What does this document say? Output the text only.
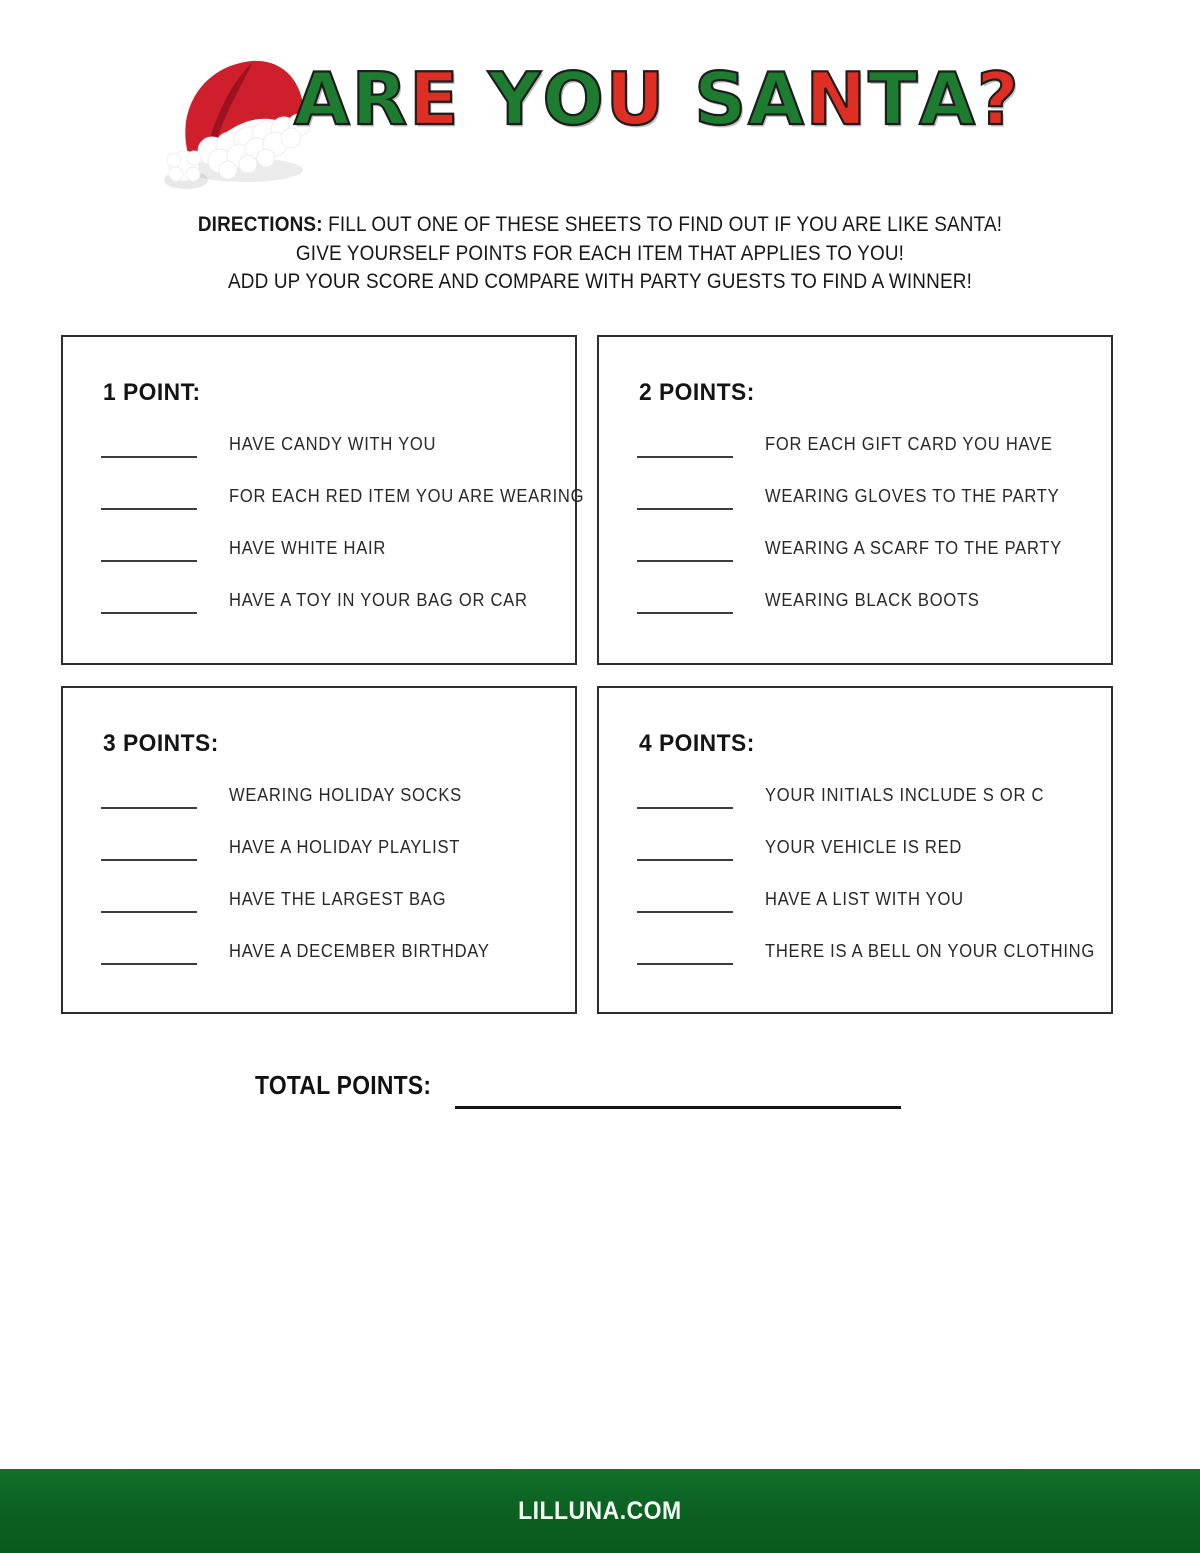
A R E Y O U S A N T A ?
DIRECTIONS: FILL OUT ONE OF THESE SHEETS TO FIND OUT IF YOU ARE LIKE SANTA!
GIVE YOURSELF POINTS FOR EACH ITEM THAT APPLIES TO YOU!
ADD UP YOUR SCORE AND COMPARE WITH PARTY GUESTS TO FIND A WINNER!
1 POINT:
HAVE CANDY WITH YOU
FOR EACH RED ITEM YOU ARE WEARING
HAVE WHITE HAIR
HAVE A TOY IN YOUR BAG OR CAR
2 POINTS:
FOR EACH GIFT CARD YOU HAVE
WEARING GLOVES TO THE PARTY
WEARING A SCARF TO THE PARTY
WEARING BLACK BOOTS
3 POINTS:
WEARING HOLIDAY SOCKS
HAVE A HOLIDAY PLAYLIST
HAVE THE LARGEST BAG
HAVE A DECEMBER BIRTHDAY
4 POINTS:
YOUR INITIALS INCLUDE S OR C
YOUR VEHICLE IS RED
HAVE A LIST WITH YOU
THERE IS A BELL ON YOUR CLOTHING
TOTAL POINTS:
LILLUNA.COM
